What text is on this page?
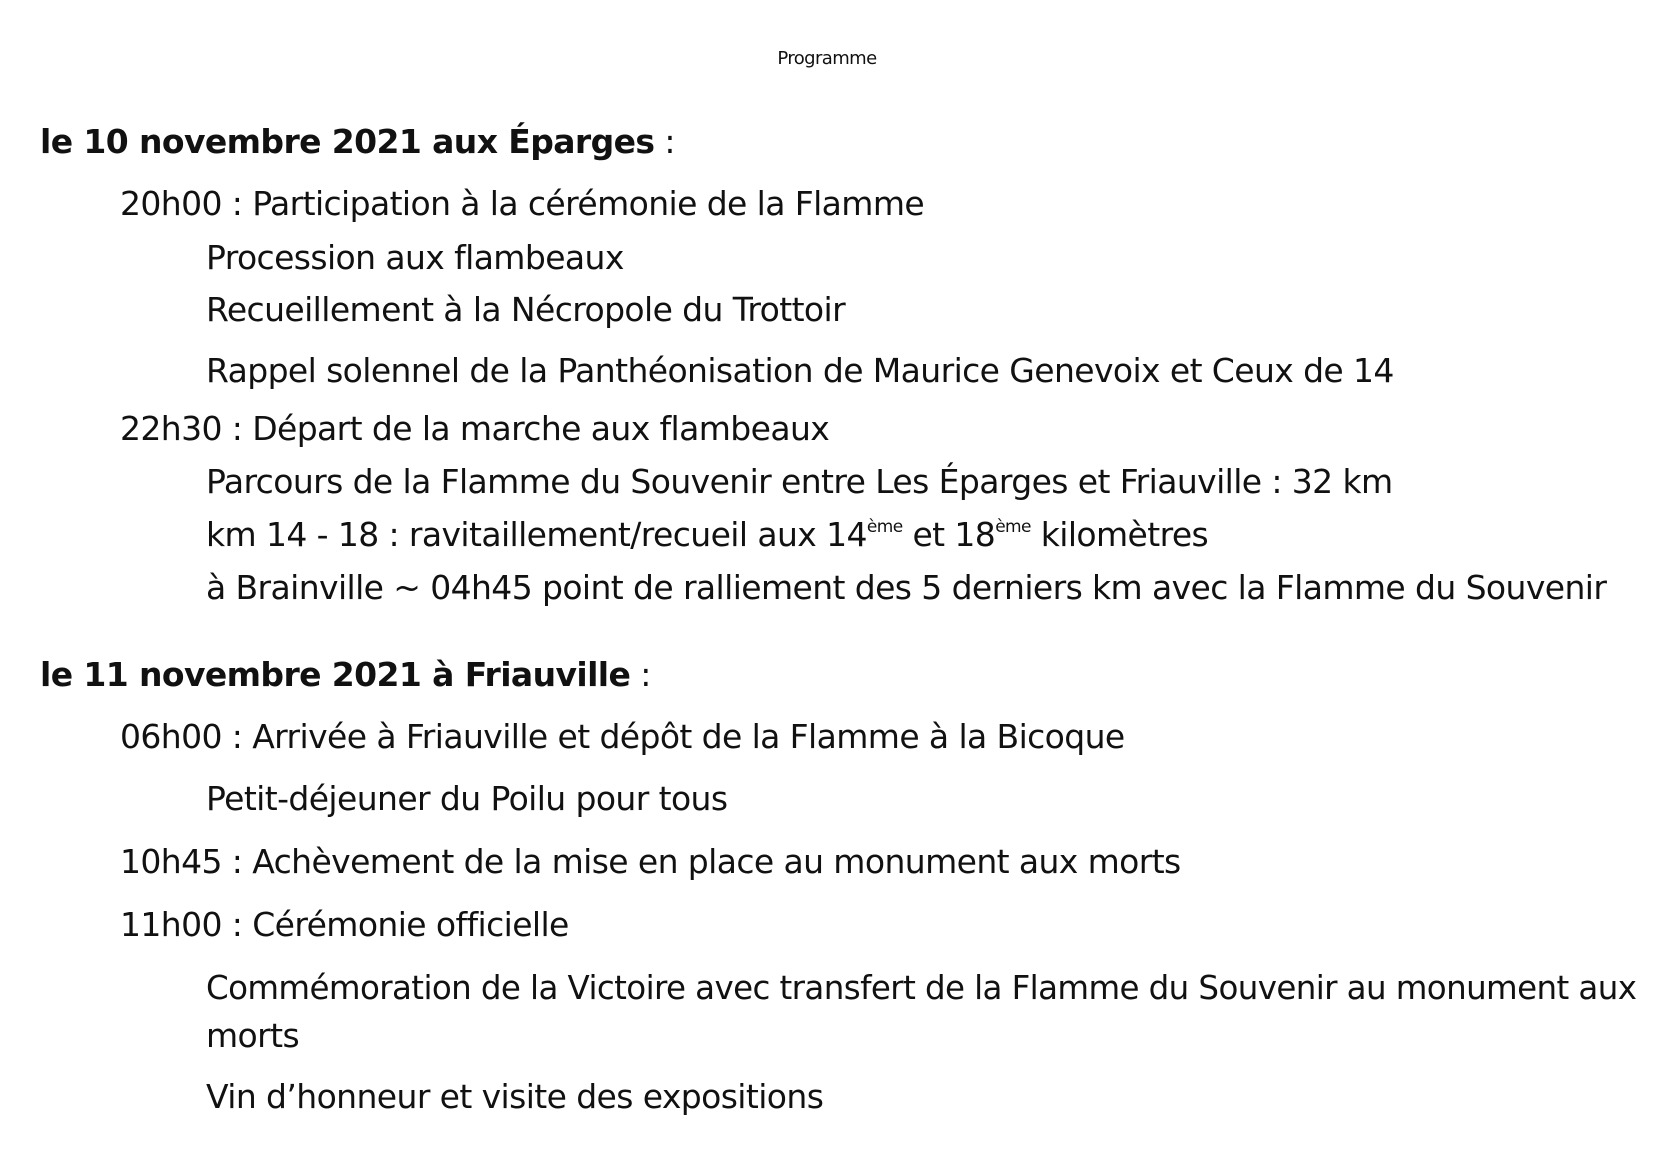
Programme
le 10 novembre 2021 aux Éparges :
20h00 : Participation à la cérémonie de la Flamme
Procession aux flambeaux
Recueillement à la Nécropole du Trottoir
Rappel solennel de la Panthéonisation de Maurice Genevoix et Ceux de 14
22h30 : Départ de la marche aux flambeaux
Parcours de la Flamme du Souvenir entre Les Éparges et Friauville : 32 km
km 14 - 18 : ravitaillement/recueil aux 14ème et 18ème kilomètres
à Brainville ~ 04h45 point de ralliement des 5 derniers km avec la Flamme du Souvenir
le 11 novembre 2021 à Friauville :
06h00 : Arrivée à Friauville et dépôt de la Flamme à la Bicoque
Petit-déjeuner du Poilu pour tous
10h45 : Achèvement de la mise en place au monument aux morts
11h00 : Cérémonie officielle
Commémoration de la Victoire avec transfert de la Flamme du Souvenir au monument aux
morts
Vin d’honneur et visite des expositions
